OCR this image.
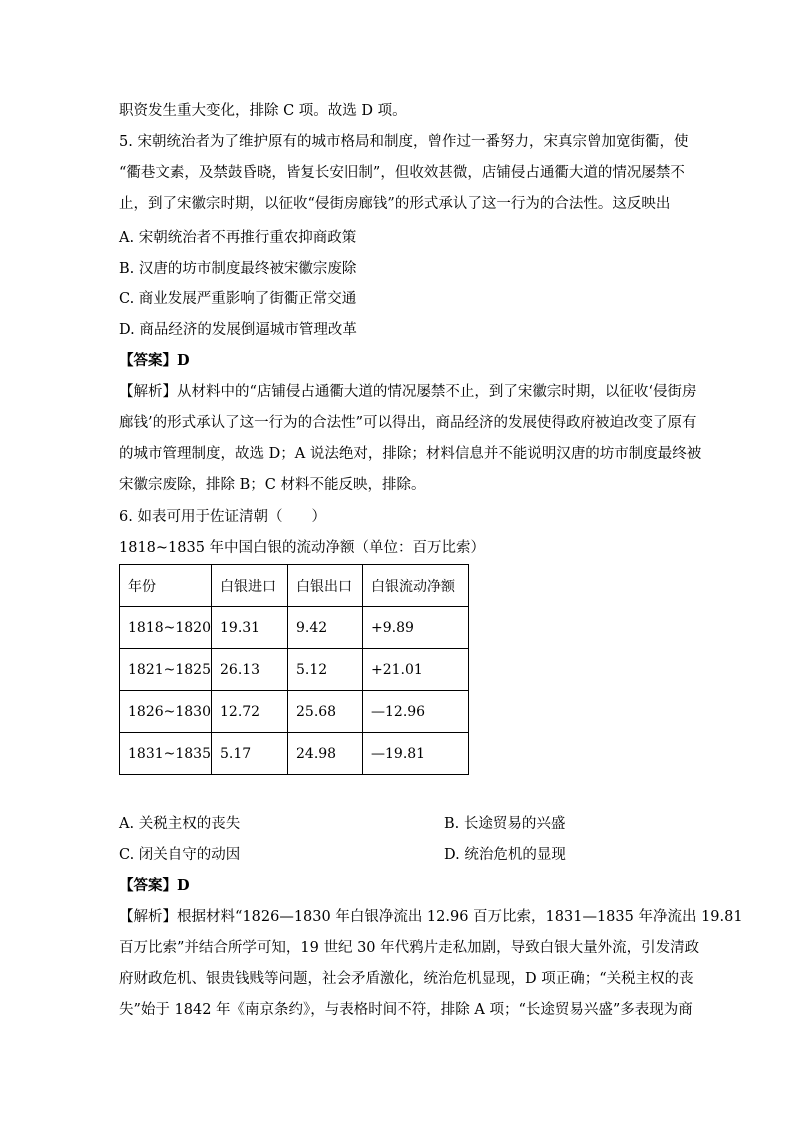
职资发生重大变化，排除 C 项。故选 D 项。
5. 宋朝统治者为了维护原有的城市格局和制度，曾作过一番努力，宋真宗曾加宽街衢，使
“衢巷文素，及禁鼓昏晓，皆复长安旧制”，但收效甚微，店铺侵占通衢大道的情况屡禁不
止，到了宋徽宗时期，以征收“侵街房廊钱”的形式承认了这一行为的合法性。这反映出
A. 宋朝统治者不再推行重农抑商政策
B. 汉唐的坊市制度最终被宋徽宗废除
C. 商业发展严重影响了街衢正常交通
D. 商品经济的发展倒逼城市管理改革
【答案】D
【解析】从材料中的“店铺侵占通衢大道的情况屡禁不止，到了宋徽宗时期，以征收‘侵街房
廊钱’的形式承认了这一行为的合法性”可以得出，商品经济的发展使得政府被迫改变了原有
的城市管理制度，故选 D；A 说法绝对，排除；材料信息并不能说明汉唐的坊市制度最终被
宋徽宗废除，排除 B；C 材料不能反映，排除。
6. 如表可用于佐证清朝（　　）
1818~1835 年中国白银的流动净额（单位：百万比索）
年份	白银进口	白银出口	白银流动净额
1818~1820	19.31	9.42	+9.89
1821~1825	26.13	5.12	+21.01
1826~1830	12.72	25.68	—12.96
1831~1835	5.17	24.98	—19.81
A. 关税主权的丧失	B. 长途贸易的兴盛
C. 闭关自守的动因	D. 统治危机的显现
【答案】D
【解析】根据材料“1826—1830 年白银净流出 12.96 百万比索，1831—1835 年净流出 19.81
百万比索”并结合所学可知，19 世纪 30 年代鸦片走私加剧，导致白银大量外流，引发清政
府财政危机、银贵钱贱等问题，社会矛盾激化，统治危机显现，D 项正确；“关税主权的丧
失”始于 1842 年《南京条约》，与表格时间不符，排除 A 项；“长途贸易兴盛”多表现为商
